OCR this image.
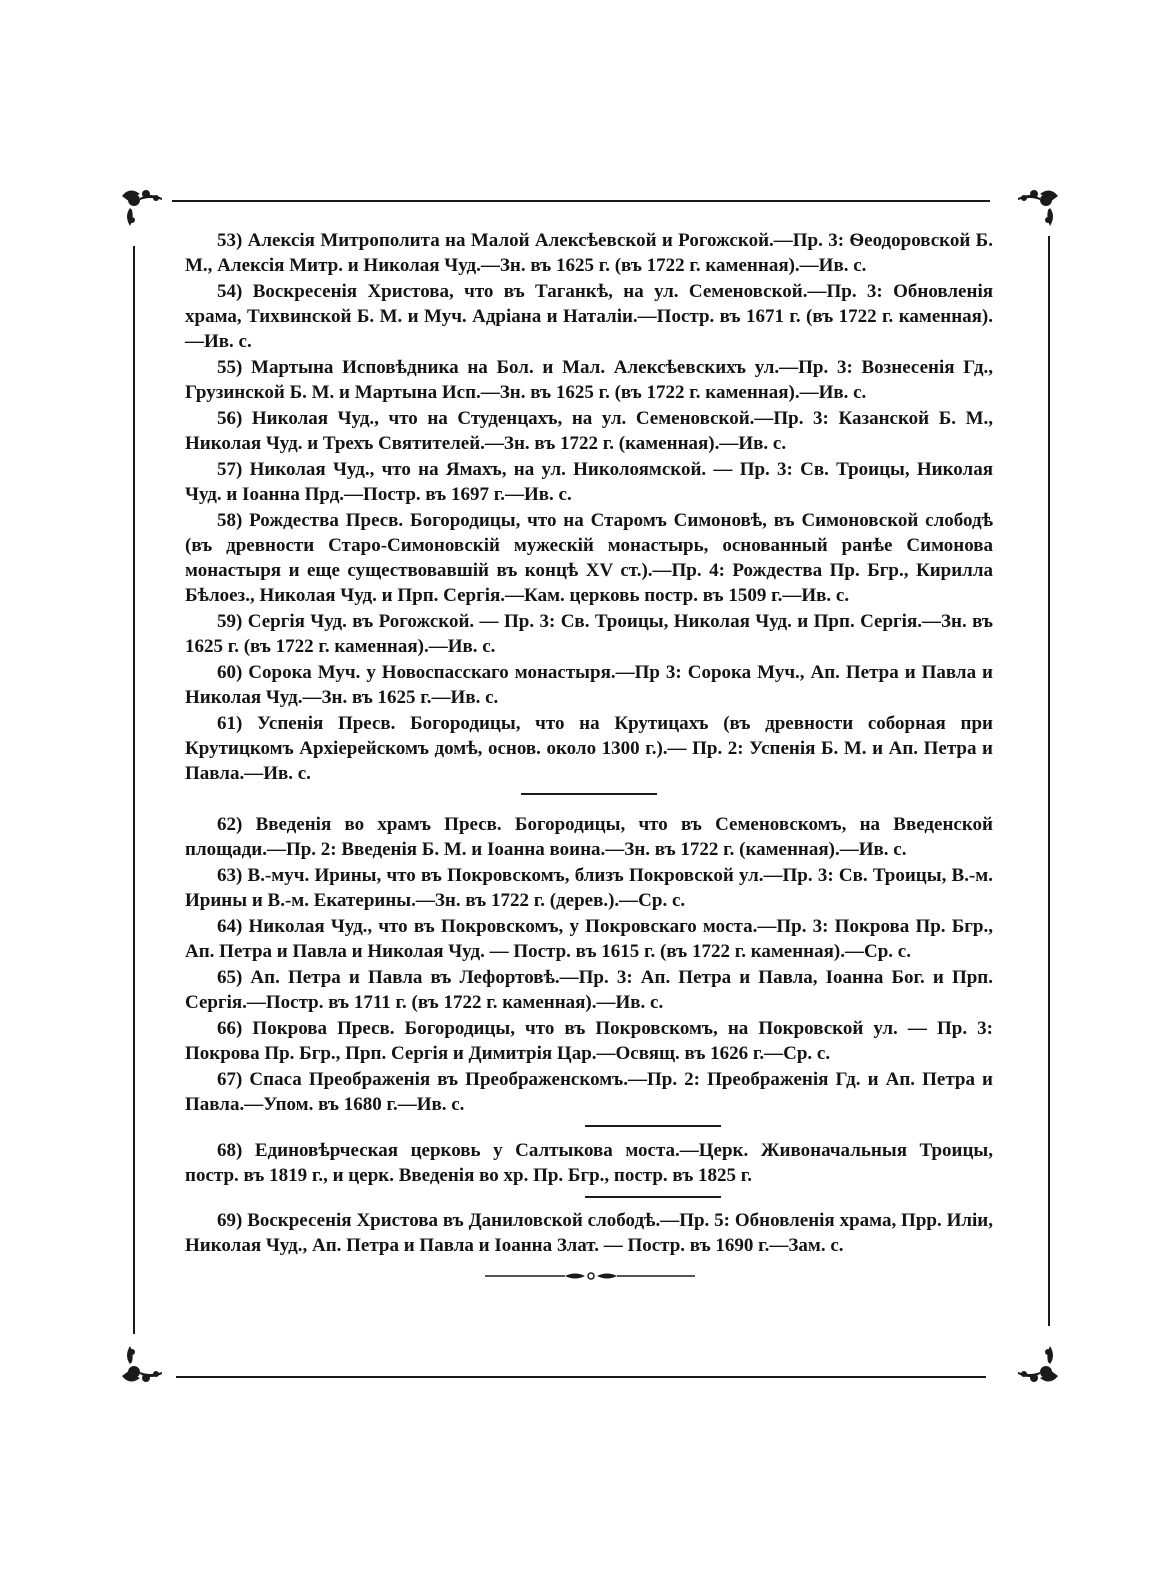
53) Алексія Митрополита на Малой Алексѣевской и Рогожской.—Пр. 3: Ѳеодоровской Б. М., Алексія Митр. и Николая Чуд.—Зн. въ 1625 г. (въ 1722 г. каменная).—Ив. с.

54) Воскресенія Христова, что въ Таганкѣ, на ул. Семеновской.—Пр. 3: Обновленія храма, Тихвинской Б. М. и Муч. Адріана и Наталіи.—Постр. въ 1671 г. (въ 1722 г. каменная).—Ив. с.

55) Мартына Исповѣдника на Бол. и Мал. Алексѣевскихъ ул.—Пр. 3: Вознесенія Гд., Грузинской Б. М. и Мартына Исп.—Зн. въ 1625 г. (въ 1722 г. каменная).—Ив. с.

56) Николая Чуд., что на Студенцахъ, на ул. Семеновской.—Пр. 3: Казанской Б. М., Николая Чуд. и Трехъ Святителей.—Зн. въ 1722 г. (каменная).—Ив. с.

57) Николая Чуд., что на Ямахъ, на ул. Николоямской. — Пр. 3: Св. Троицы, Николая Чуд. и Іоанна Прд.—Постр. въ 1697 г.—Ив. с.

58) Рождества Пресв. Богородицы, что на Старомъ Симоновѣ, въ Симоновской слободѣ (въ древности Старо-Симоновскій мужескій монастырь, основанный ранѣе Симонова монастыря и еще существовавшій въ концѣ XV ст.).—Пр. 4: Рождества Пр. Бгр., Кирилла Бѣлоез., Николая Чуд. и Прп. Сергія.—Кам. церковь постр. въ 1509 г.—Ив. с.

59) Сергія Чуд. въ Рогожской. — Пр. 3: Св. Троицы, Николая Чуд. и Прп. Сергія.—Зн. въ 1625 г. (въ 1722 г. каменная).—Ив. с.

60) Сорока Муч. у Новоспасскаго монастыря.—Пр 3: Сорока Муч., Ап. Петра и Павла и Николая Чуд.—Зн. въ 1625 г.—Ив. с.

61) Успенія Пресв. Богородицы, что на Крутицахъ (въ древности соборная при Крутицкомъ Архіерейскомъ домѣ, основ. около 1300 г.).— Пр. 2: Успенія Б. М. и Ап. Петра и Павла.—Ив. с.

62) Введенія во храмъ Пресв. Богородицы, что въ Семеновскомъ, на Введенской площади.—Пр. 2: Введенія Б. М. и Іоанна воина.—Зн. въ 1722 г. (каменная).—Ив. с.

63) В.-муч. Ирины, что въ Покровскомъ, близъ Покровской ул.—Пр. 3: Св. Троицы, В.-м. Ирины и В.-м. Екатерины.—Зн. въ 1722 г. (дерев.).—Ср. с.

64) Николая Чуд., что въ Покровскомъ, у Покровскаго моста.—Пр. 3: Покрова Пр. Бгр., Ап. Петра и Павла и Николая Чуд. — Постр. въ 1615 г. (въ 1722 г. каменная).—Ср. с.

65) Ап. Петра и Павла въ Лефортовѣ.—Пр. 3: Ап. Петра и Павла, Іоанна Бог. и Прп. Сергія.—Постр. въ 1711 г. (въ 1722 г. каменная).—Ив. с.

66) Покрова Пресв. Богородицы, что въ Покровскомъ, на Покровской ул. — Пр. 3: Покрова Пр. Бгр., Прп. Сергія и Димитрія Цар.—Освящ. въ 1626 г.—Ср. с.

67) Спаса Преображенія въ Преображенскомъ.—Пр. 2: Преображенія Гд. и Ап. Петра и Павла.—Упом. въ 1680 г.—Ив. с.

68) Единовѣрческая церковь у Салтыкова моста.—Церк. Живоначальныя Троицы, постр. въ 1819 г., и церк. Введенія во хр. Пр. Бгр., постр. въ 1825 г.

69) Воскресенія Христова въ Даниловской слободѣ.—Пр. 5: Обновленія храма, Прр. Иліи, Николая Чуд., Ап. Петра и Павла и Іоанна Злат. — Постр. въ 1690 г.—Зам. с.
